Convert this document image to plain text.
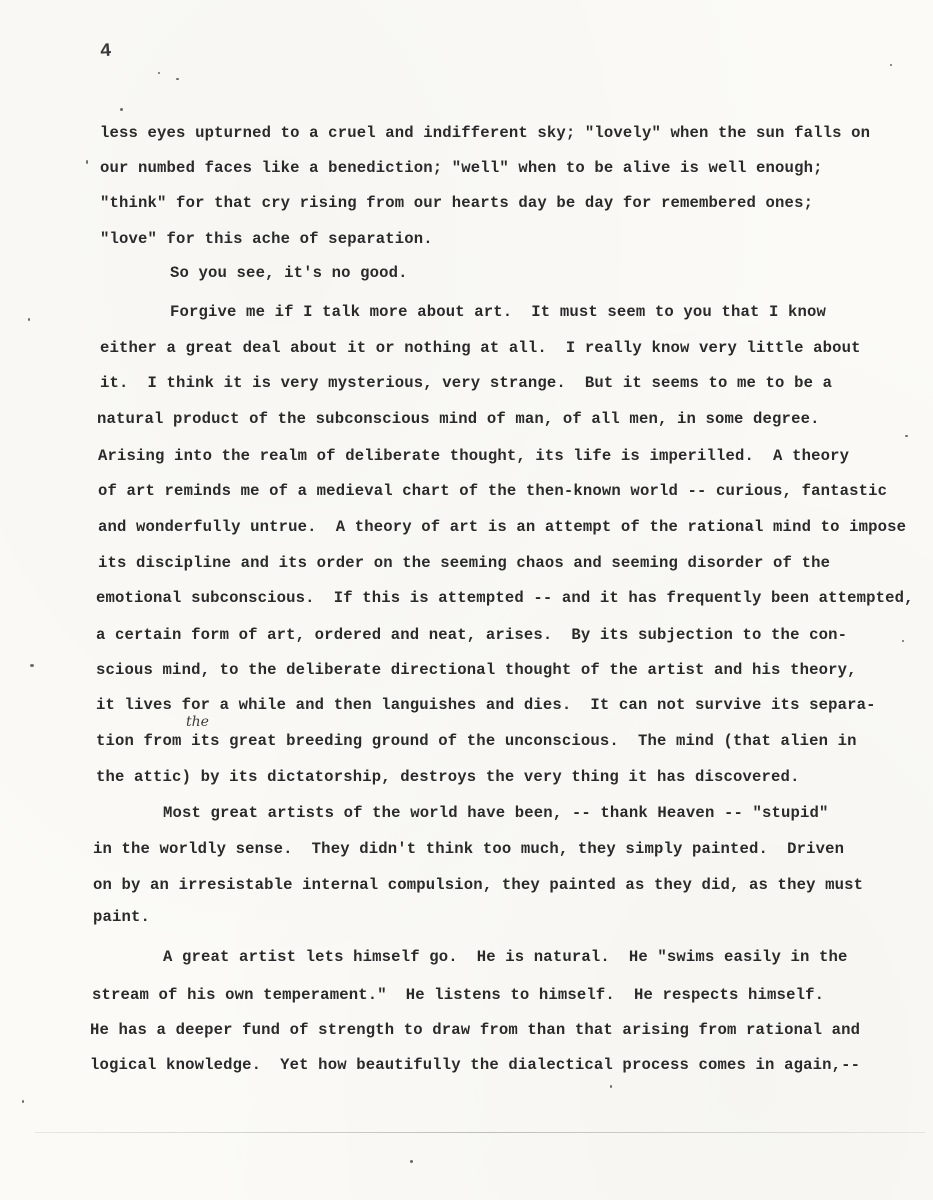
4
less eyes upturned to a cruel and indifferent sky; "lovely" when the sun falls on
our numbed faces like a benediction; "well" when to be alive is well enough;
"think" for that cry rising from our hearts day be day for remembered ones;
"love" for this ache of separation.
So you see, it's no good.
Forgive me if I talk more about art.  It must seem to you that I know
either a great deal about it or nothing at all.  I really know very little about
it.  I think it is very mysterious, very strange.  But it seems to me to be a
natural product of the subconscious mind of man, of all men, in some degree.
Arising into the realm of deliberate thought, its life is imperilled.  A theory
of art reminds me of a medieval chart of the then-known world -- curious, fantastic
and wonderfully untrue.  A theory of art is an attempt of the rational mind to impose
its discipline and its order on the seeming chaos and seeming disorder of the
emotional subconscious.  If this is attempted -- and it has frequently been attempted,
a certain form of art, ordered and neat, arises.  By its subjection to the con-
scious mind, to the deliberate directional thought of the artist and his theory,
it lives for a while and then languishes and dies.  It can not survive its separa-
the
tion from its great breeding ground of the unconscious.  The mind (that alien in
the attic) by its dictatorship, destroys the very thing it has discovered.
Most great artists of the world have been, -- thank Heaven -- "stupid"
in the worldly sense.  They didn't think too much, they simply painted.  Driven
on by an irresistable internal compulsion, they painted as they did, as they must
paint.
A great artist lets himself go.  He is natural.  He "swims easily in the
stream of his own temperament."  He listens to himself.  He respects himself.
He has a deeper fund of strength to draw from than that arising from rational and
logical knowledge.  Yet how beautifully the dialectical process comes in again,--
